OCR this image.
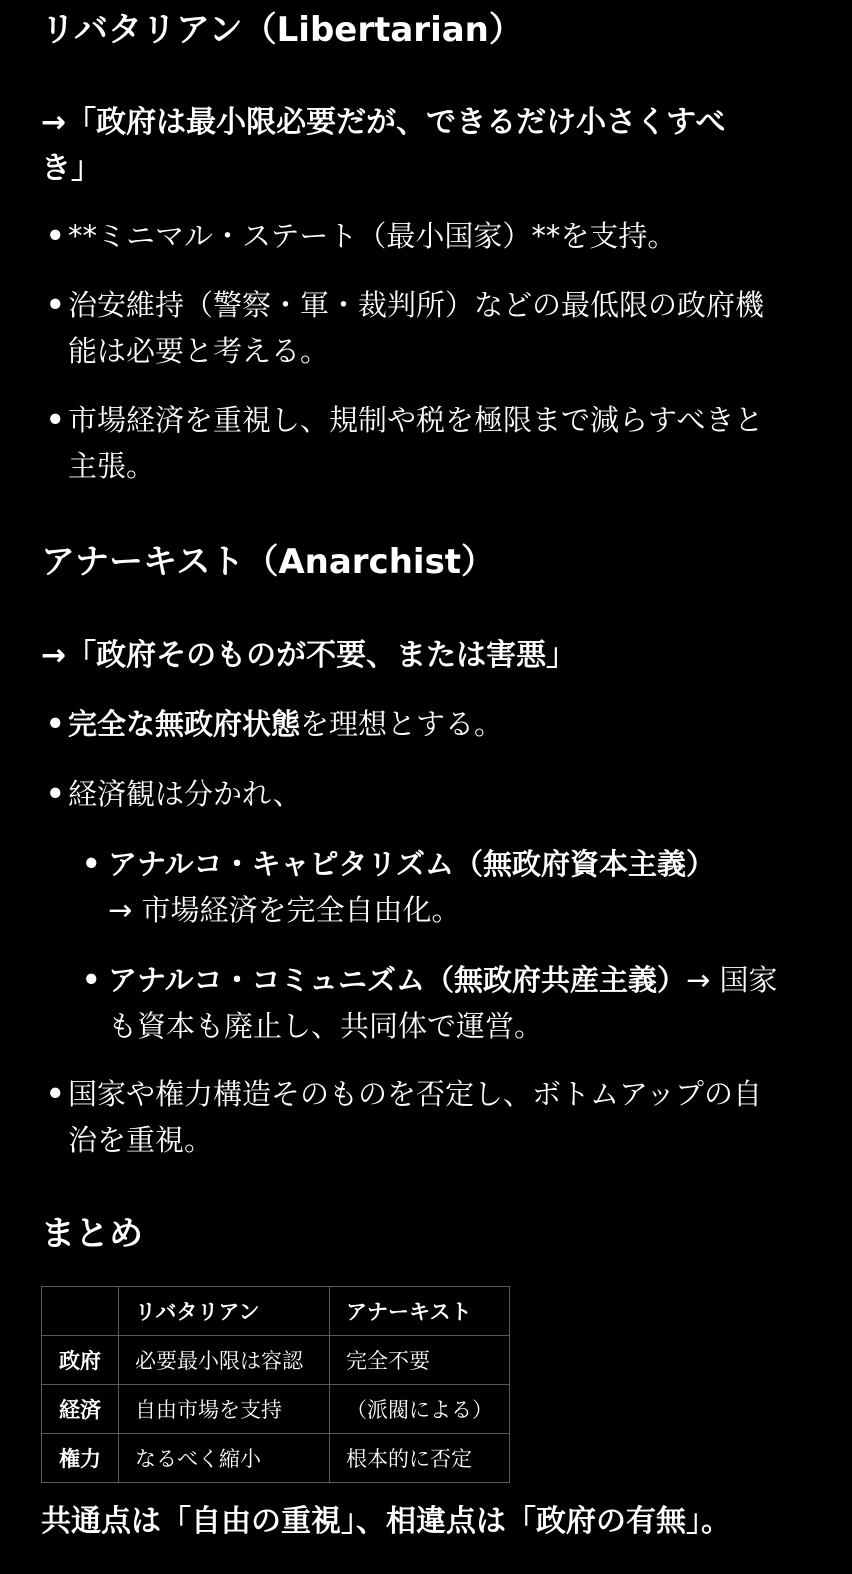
リバタリアン（Libertarian）

→「政府は最小限必要だが、できるだけ小さくすべき」

• **ミニマル・ステート（最小国家）**を支持。
• 治安維持（警察・軍・裁判所）などの最低限の政府機能は必要と考える。
• 市場経済を重視し、規制や税を極限まで減らすべきと主張。
アナーキスト（Anarchist）

→「政府そのものが不要、または害悪」

• 完全な無政府状態を理想とする。
• 経済観は分かれ、
• アナルコ・キャピタリズム（無政府資本主義）
→ 市場経済を完全自由化。
• アナルコ・コミュニズム（無政府共産主義）→ 国家も資本も廃止し、共同体で運営。
• 国家や権力構造そのものを否定し、ボトムアップの自治を重視。
まとめ
	リバタリアン	アナーキスト
政府	必要最小限は容認	完全不要
経済	自由市場を支持	（派閥による）
権力	なるべく縮小	根本的に否定

共通点は「自由の重視」、相違点は「政府の有無」。
